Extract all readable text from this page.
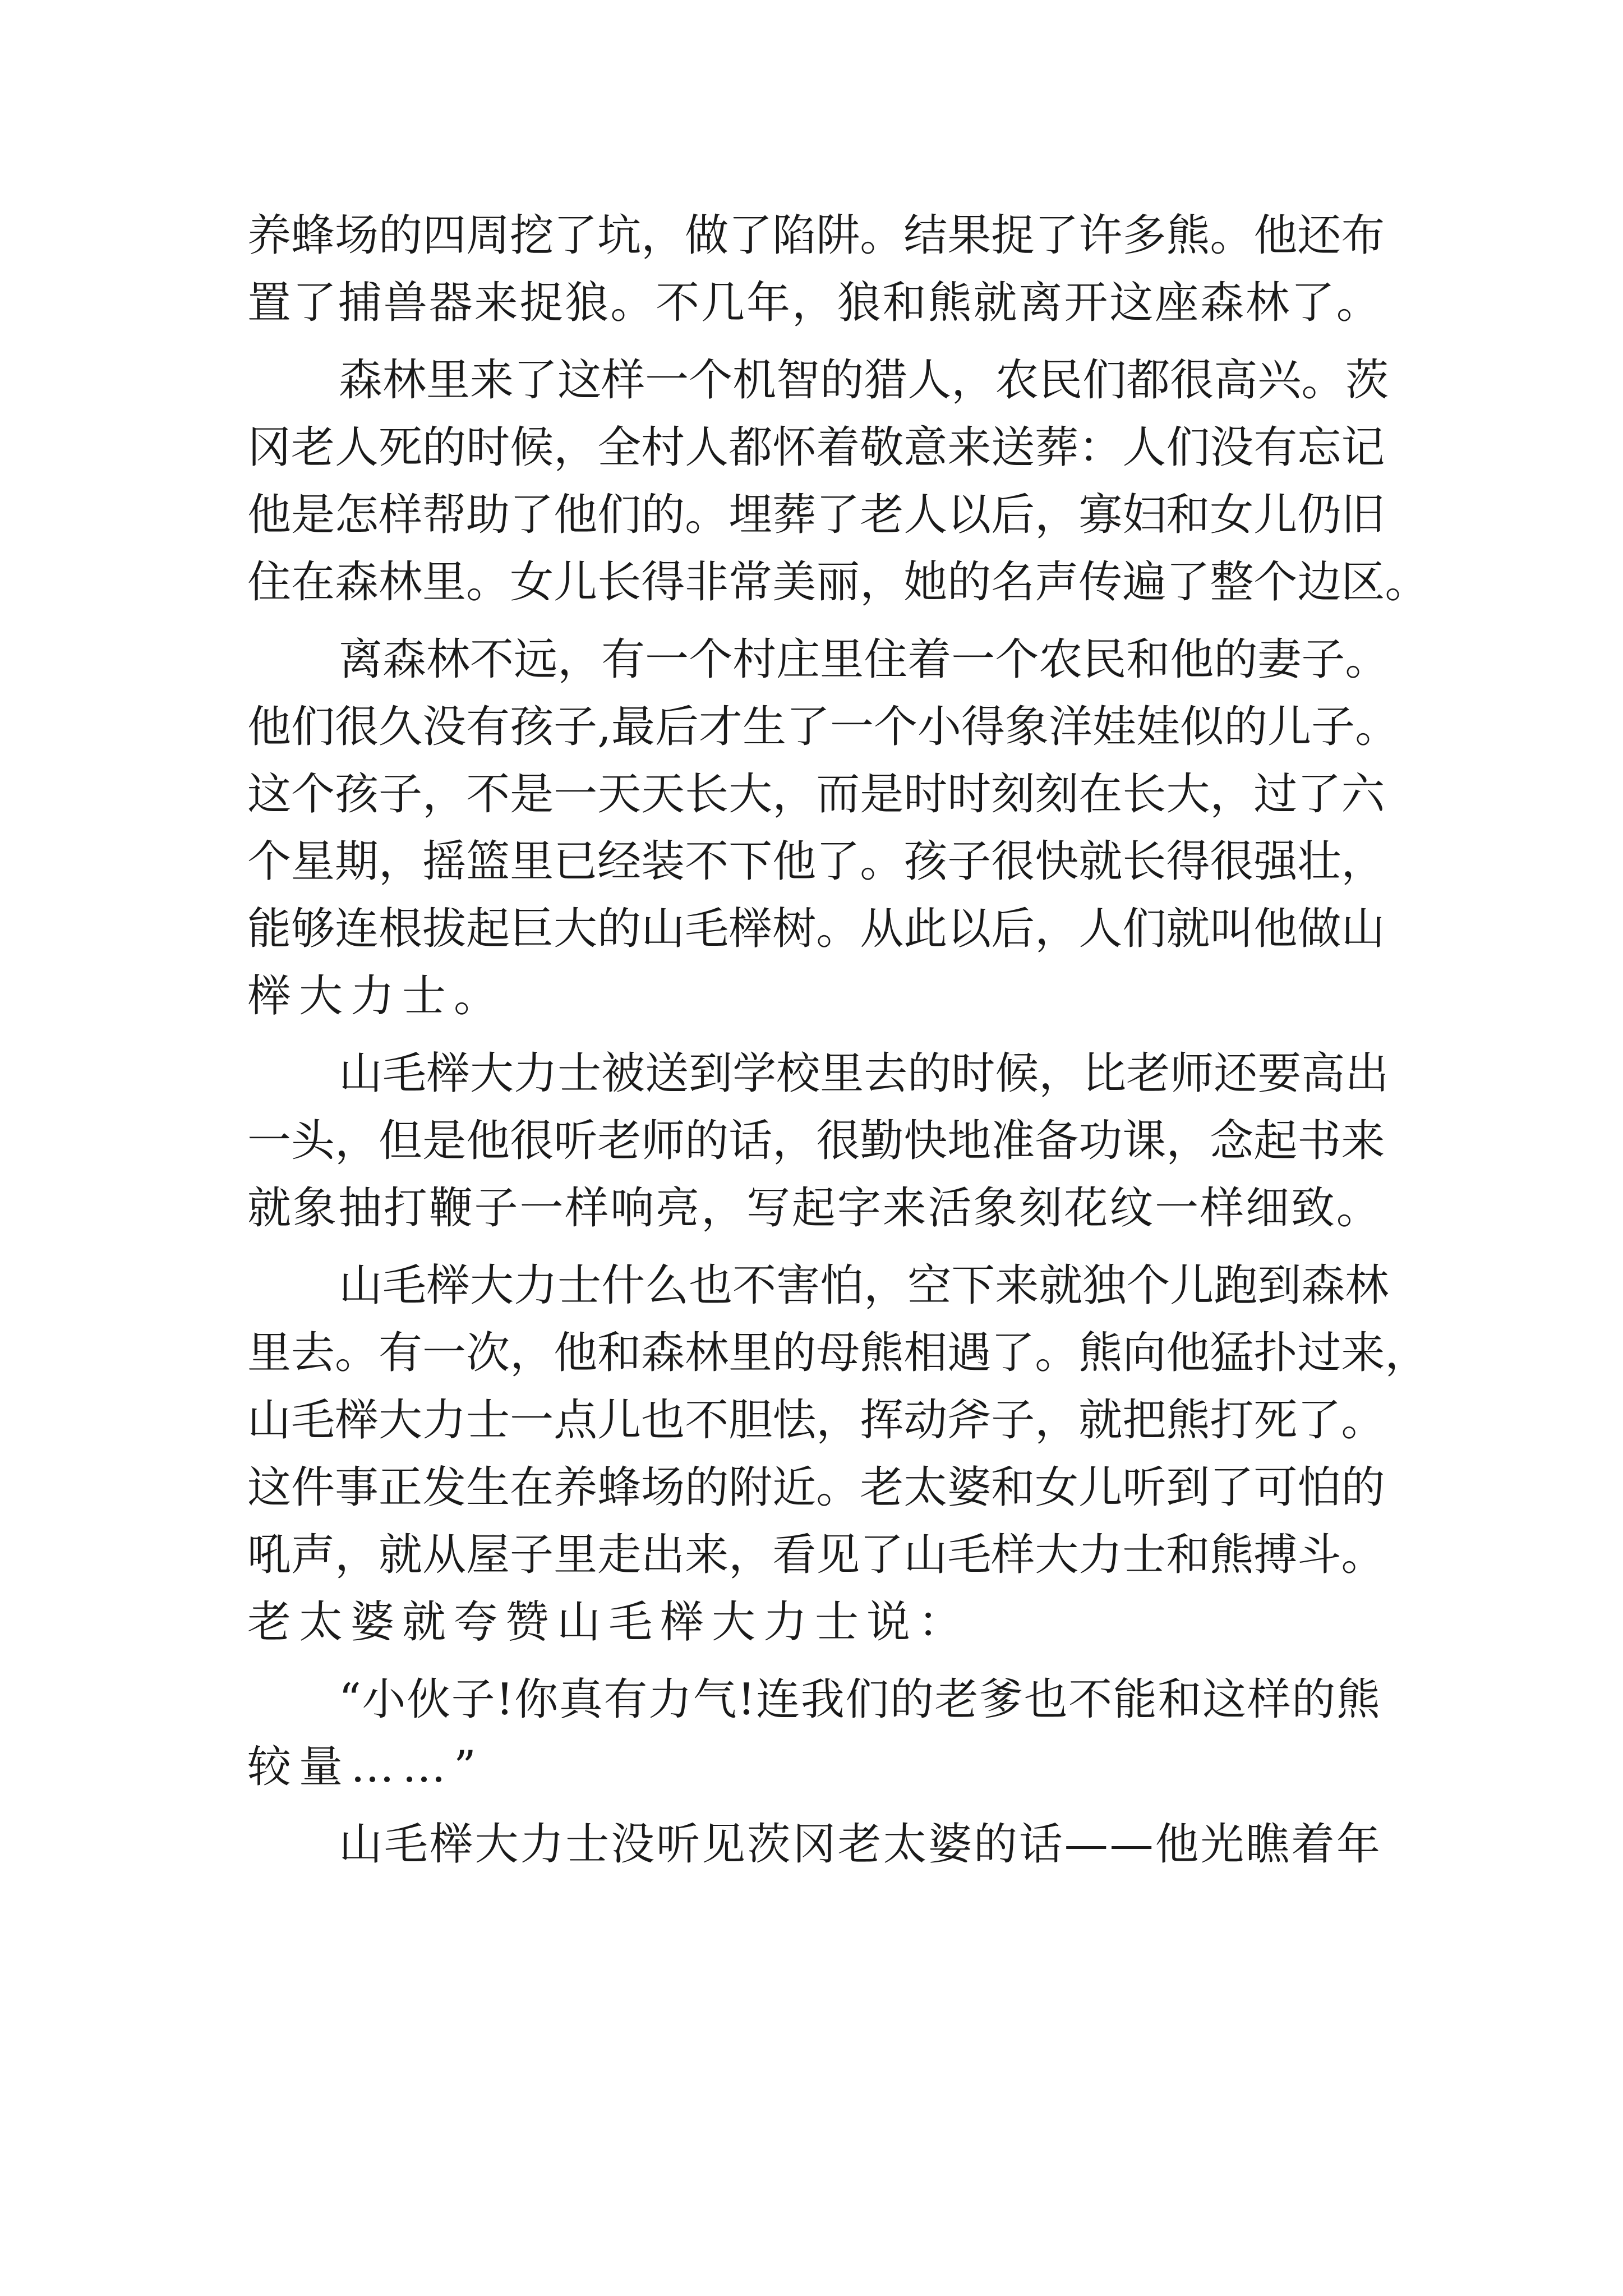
养 蜂 场 的 四 周 挖 了 坑 ， 做 了 陷 阱 。 结 果 捉 了 许 多 熊 。 他 还 布
置 了 捕 兽 器 来 捉 狼 。 不 几 年 ， 狼 和 熊 就 离 开 这 座 森 林 了 。
森 林 里 来 了 这 样 一 个 机 智 的 猎 人 ， 农 民 们 都 很 高 兴 。 茨
冈 老 人 死 的 时 候 ， 全 村 人 都 怀 着 敬 意 来 送 葬 ： 人 们 没 有 忘 记
他 是 怎 样 帮 助 了 他 们 的 。 埋 葬 了 老 人 以 后 ， 寡 妇 和 女 儿 仍 旧
住 在 森 林 里 。 女 儿 长 得 非 常 美 丽 ， 她 的 名 声 传 遍 了 整 个 边 区 。
离 森 林 不 远 ， 有 一 个 村 庄 里 住 着 一 个 农 民 和 他 的 妻 子 。
他 们 很 久 没 有 孩 子 , 最 后 才 生 了 一 个 小 得 象 洋 娃 娃 似 的 儿 子 。
这 个 孩 子 ， 不 是 一 天 天 长 大 ， 而 是 时 时 刻 刻 在 长 大 ， 过 了 六
个 星 期 ， 摇 篮 里 已 经 装 不 下 他 了 。 孩 子 很 快 就 长 得 很 强 壮 ，
能 够 连 根 拔 起 巨 大 的 山 毛 榉 树 。 从 此 以 后 ， 人 们 就 叫 他 做 山
榉大力士。
山 毛 榉 大 力 士 被 送 到 学 校 里 去 的 时 候 ， 比 老 师 还 要 高 出
一 头 ， 但 是 他 很 听 老 师 的 话 ， 很 勤 快 地 准 备 功 课 ， 念 起 书 来
就 象 抽 打 鞭 子 一 样 响 亮 ， 写 起 字 来 活 象 刻 花 纹 一 样 细 致 。
山 毛 榉 大 力 士 什 么 也 不 害 怕 ， 空 下 来 就 独 个 儿 跑 到 森 林
里 去 。 有 一 次 ， 他 和 森 林 里 的 母 熊 相 遇 了 。 熊 向 他 猛 扑 过 来 ，
山 毛 榉 大 力 士 一 点 儿 也 不 胆 怯 ， 挥 动 斧 子 ， 就 把 熊 打 死 了 。
这 件 事 正 发 生 在 养 蜂 场 的 附 近 。 老 太 婆 和 女 儿 听 到 了 可 怕 的
吼 声 ， 就 从 屋 子 里 走 出 来 ， 看 见 了 山 毛 样 大 力 士 和 熊 搏 斗 。
老太婆就夸赞山毛榉大力士说：
“ 小 伙 子 ! 你 真 有 力 气 ! 连 我 们 的 老 爹 也 不 能 和 这 样 的 熊
较量……”
山 毛 榉 大 力 士 没 听 见 茨 冈 老 太 婆 的 话 — — 他 光 瞧 着 年
